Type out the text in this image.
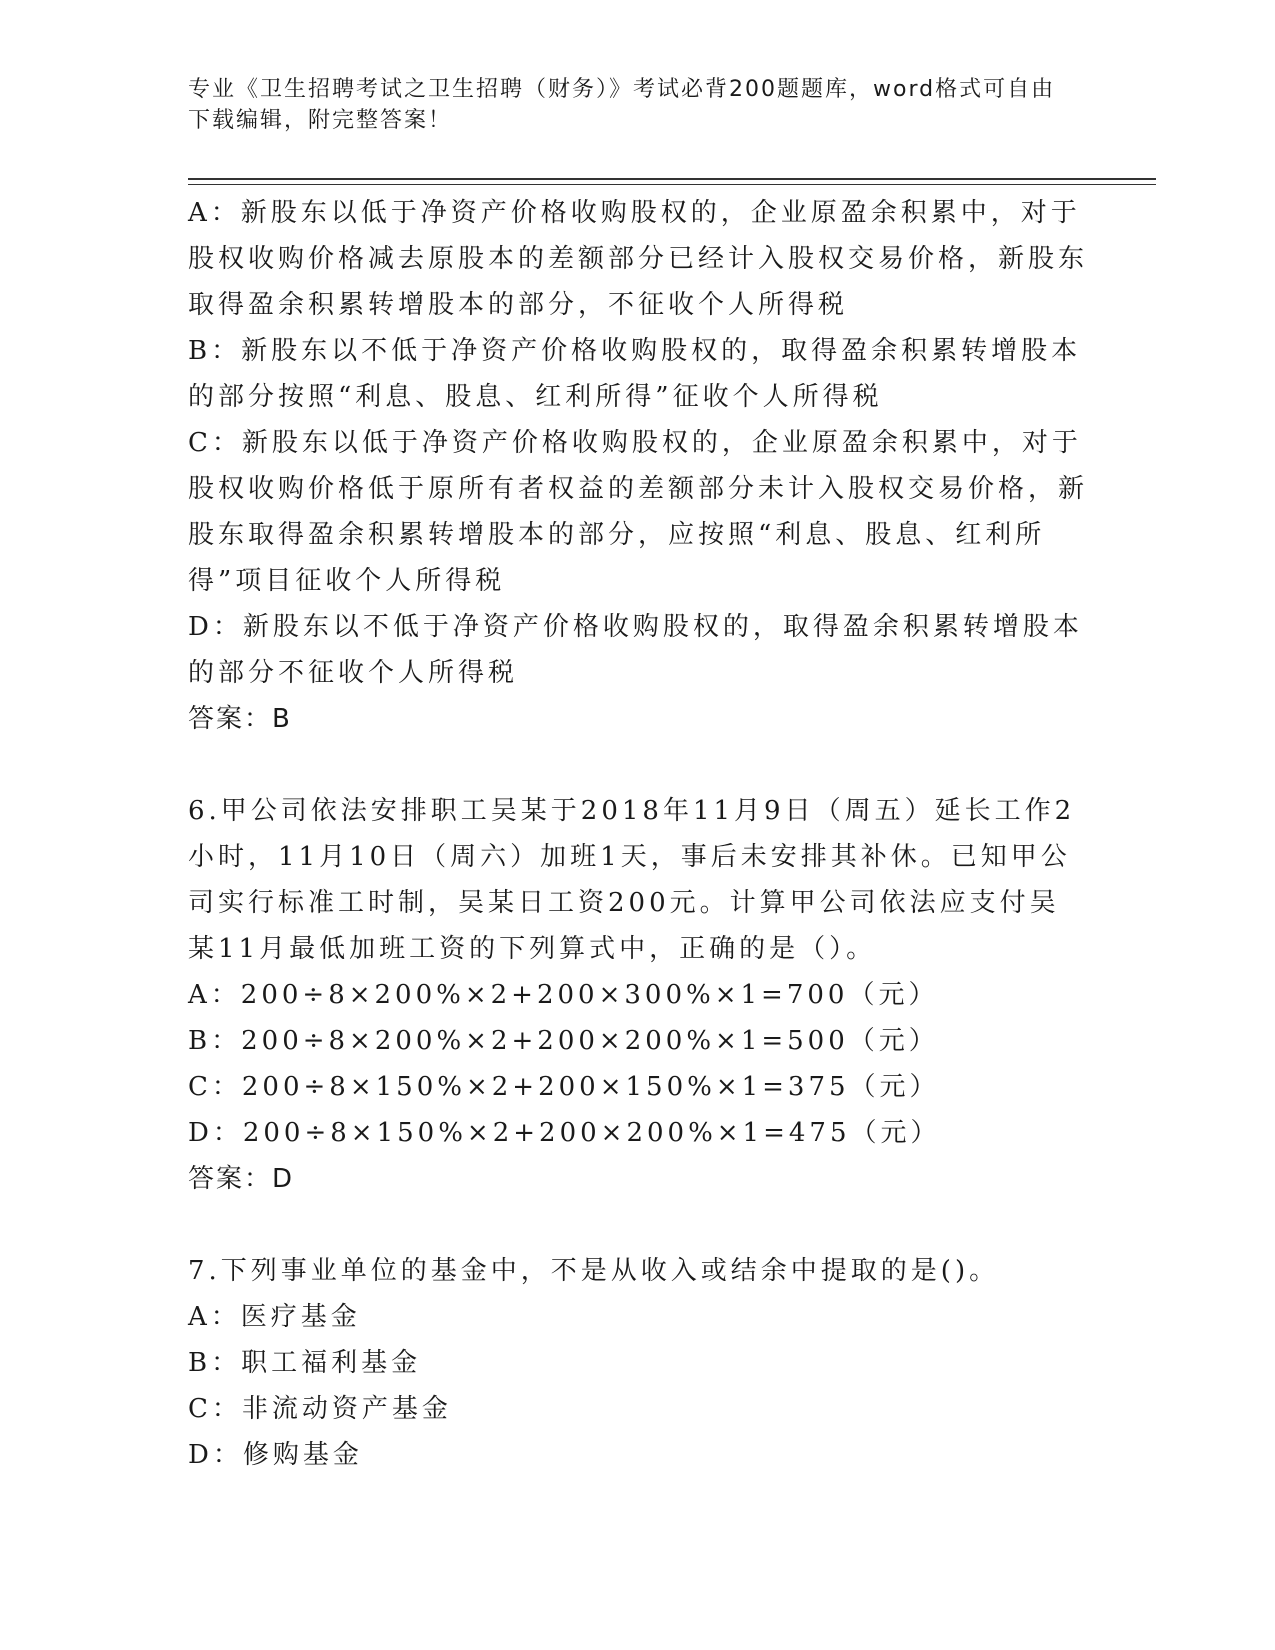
专业《卫生招聘考试之卫生招聘（财务）》考试必背200题题库，word格式可自由下载编辑，附完整答案！

A：新股东以低于净资产价格收购股权的，企业原盈余积累中，对于股权收购价格减去原股本的差额部分已经计入股权交易价格，新股东取得盈余积累转增股本的部分，不征收个人所得税

B：新股东以不低于净资产价格收购股权的，取得盈余积累转增股本的部分按照“利息、股息、红利所得”征收个人所得税

C：新股东以低于净资产价格收购股权的，企业原盈余积累中，对于股权收购价格低于原所有者权益的差额部分未计入股权交易价格，新股东取得盈余积累转增股本的部分，应按照“利息、股息、红利所得”项目征收个人所得税

D：新股东以不低于净资产价格收购股权的，取得盈余积累转增股本的部分不征收个人所得税

答案：B

6.甲公司依法安排职工吴某于2018年11月9日（周五）延长工作2小时，11月10日（周六）加班1天，事后未安排其补休。已知甲公司实行标准工时制，吴某日工资200元。计算甲公司依法应支付吴某11月最低加班工资的下列算式中，正确的是（）。

A：200÷8×200%×2+200×300%×1=700（元）

B：200÷8×200%×2+200×200%×1=500（元）

C：200÷8×150%×2+200×150%×1=375（元）

D：200÷8×150%×2+200×200%×1=475（元）

答案：D

7.下列事业单位的基金中，不是从收入或结余中提取的是()。

A：医疗基金

B：职工福利基金

C：非流动资产基金

D：修购基金
